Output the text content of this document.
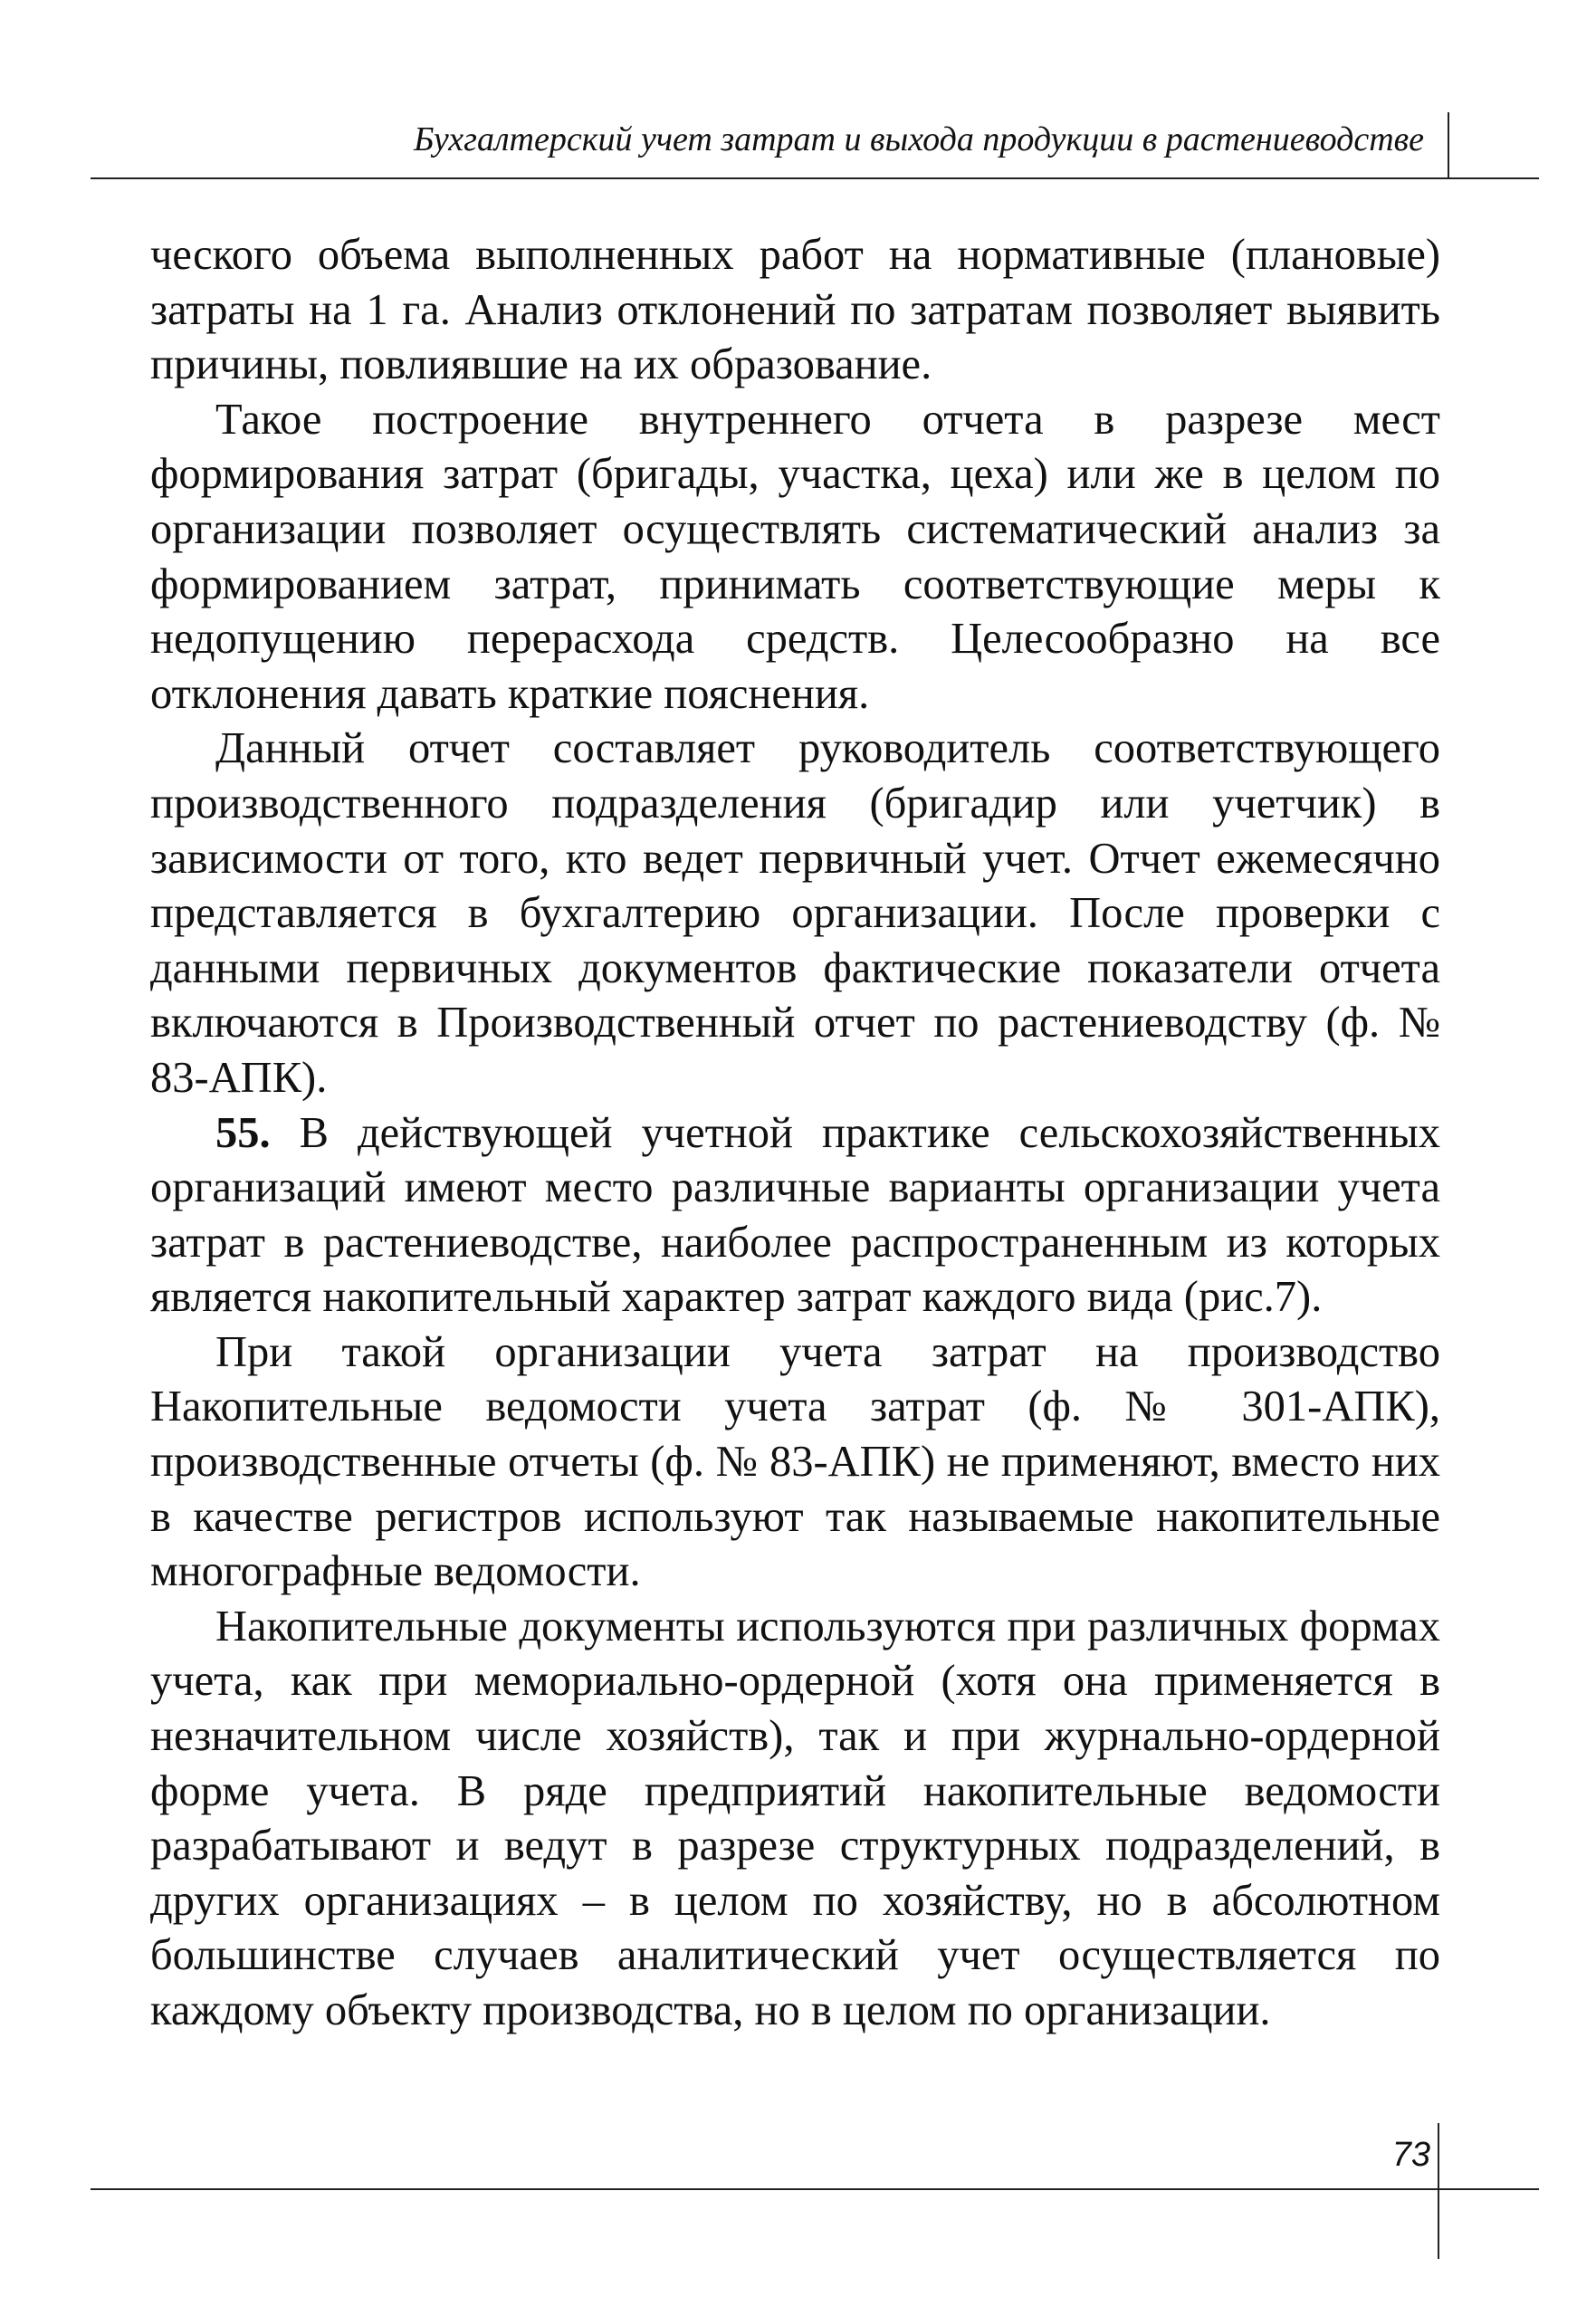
Бухгалтерский учет затрат и выхода продукции в растениеводстве

ческого объема выполненных работ на нормативные (плановые) затраты на 1 га. Анализ отклонений по затратам позволяет выявить причины, повлиявшие на их образование.

Такое построение внутреннего отчета в разрезе мест формирования затрат (бригады, участка, цеха) или же в целом по организации позволяет осуществлять систематический анализ за формированием затрат, принимать соответствующие меры к недопущению перерасхода средств. Целесообразно на все отклонения давать краткие пояснения.

Данный отчет составляет руководитель соответствующего производственного подразделения (бригадир или учетчик) в зависимости от того, кто ведет первичный учет. Отчет ежемесячно представляется в бухгалтерию организации. После проверки с данными первичных документов фактические показатели отчета включаются в Производственный отчет по растениеводству (ф. № 83-АПК).

55. В действующей учетной практике сельскохозяйственных организаций имеют место различные варианты организации учета затрат в растениеводстве, наиболее распространенным из которых является накопительный характер затрат каждого вида (рис.7).

При такой организации учета затрат на производство Накопительные ведомости учета затрат (ф. № 301-АПК), производственные отчеты (ф. № 83-АПК) не применяют, вместо них в качестве регистров используют так называемые накопительные многографные ведомости.

Накопительные документы используются при различных формах учета, как при мемориально-ордерной (хотя она применяется в незначительном числе хозяйств), так и при журнально-ордерной форме учета. В ряде предприятий накопительные ведомости разрабатывают и ведут в разрезе структурных подразделений, в других организациях – в целом по хозяйству, но в абсолютном большинстве случаев аналитический учет осуществляется по каждому объекту производства, но в целом по организации.

73
